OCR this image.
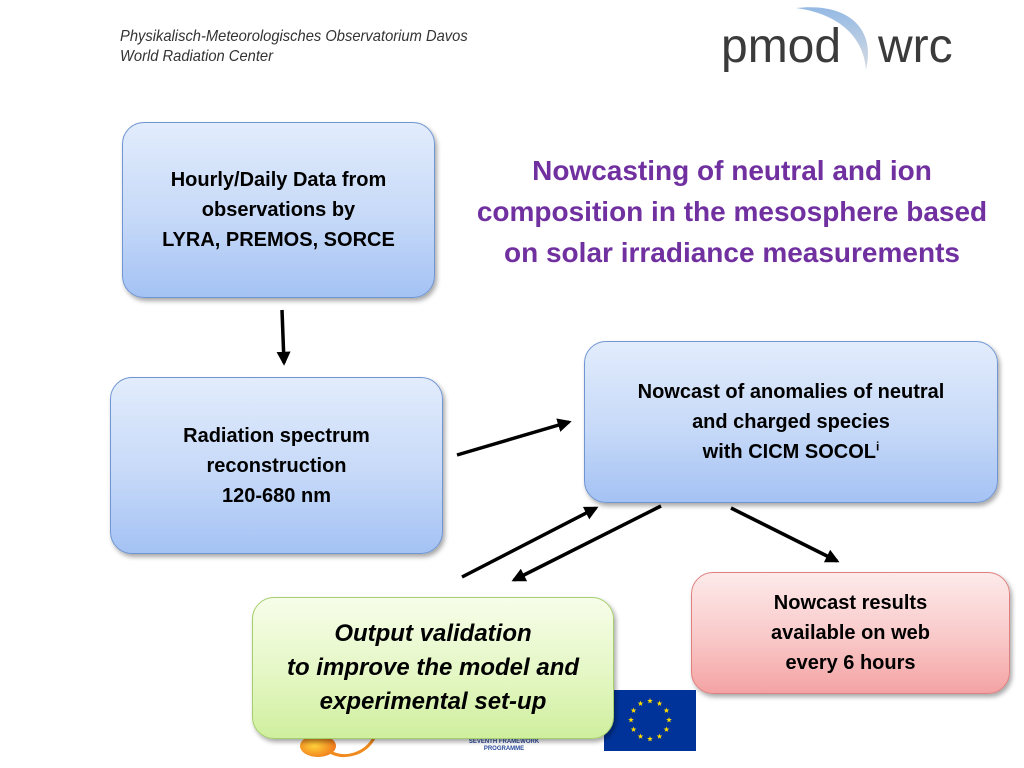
Physikalisch-Meteorologisches Observatorium Davos
World Radiation Center	pmod wrc
Nowcasting of neutral and ion
composition in the mesosphere based
on solar irradiance measurements
SEVENTH FRAMEWORK
PROGRAMME
Hourly/Daily Data from
observations by
LYRA, PREMOS, SORCE
Radiation spectrum
reconstruction
120-680 nm
Nowcast of anomalies of neutral
and charged species
with CICM SOCOL$^i$
Nowcast results
available on web
every 6 hours
Output validation
to improve the model and
experimental set-up
